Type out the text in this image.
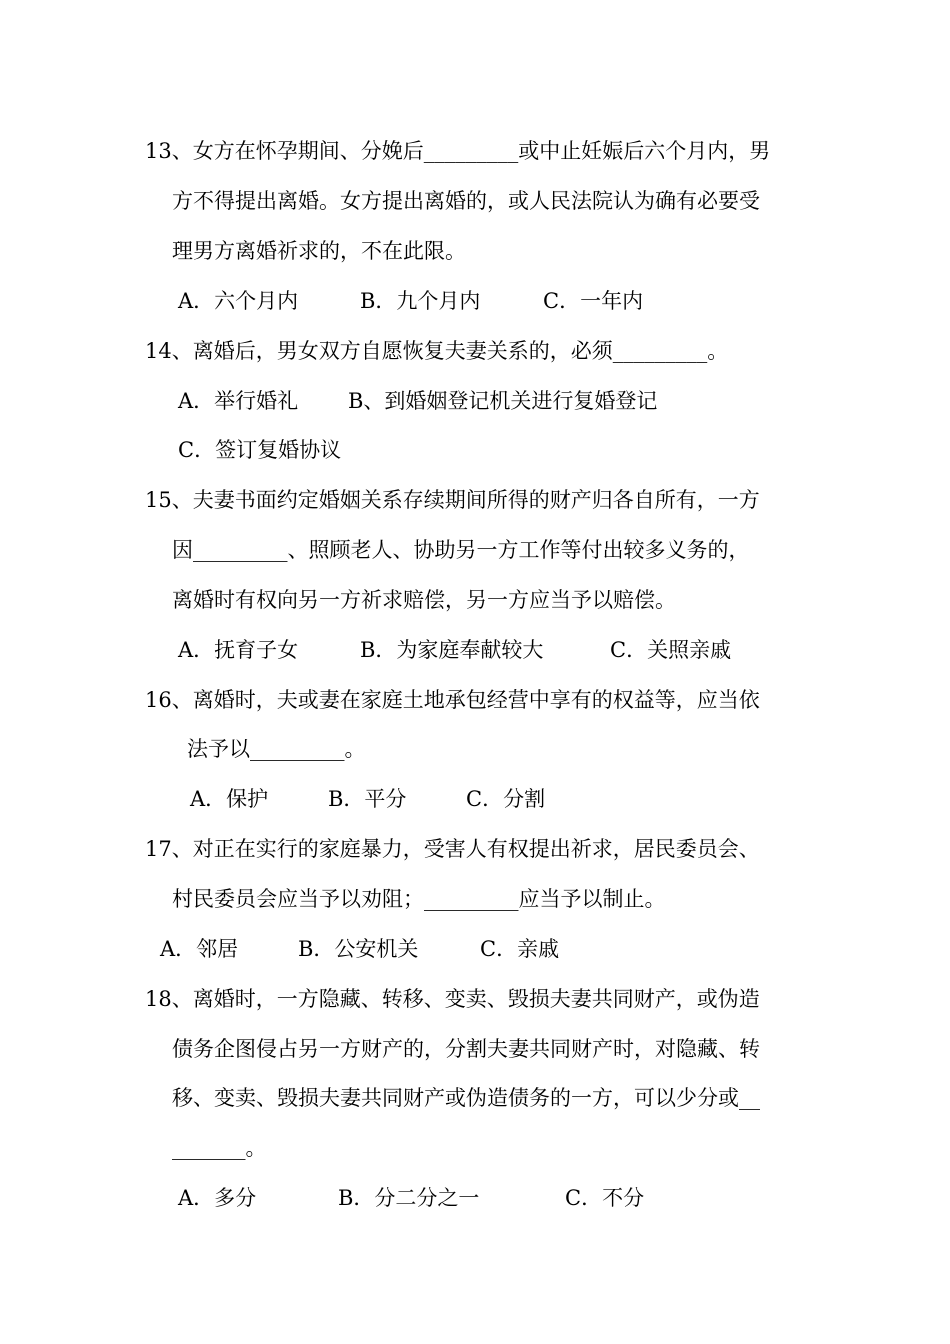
13、女方在怀孕期间、分娩后_________或中止妊娠后六个月内，男
方不得提出离婚。女方提出离婚的，或人民法院认为确有必要受
理男方离婚祈求的，不在此限。
A．六个月内	B．九个月内	C．一年内
14、离婚后，男女双方自愿恢复夫妻关系的，必须_________。
A．举行婚礼 B、到婚姻登记机关进行复婚登记
C．签订复婚协议
15、夫妻书面约定婚姻关系存续期间所得的财产归各自所有，一方
因_________、照顾老人、协助另一方工作等付出较多义务的，
离婚时有权向另一方祈求赔偿，另一方应当予以赔偿。
A．抚育子女	B．为家庭奉献较大	C．关照亲戚
16、离婚时，夫或妻在家庭土地承包经营中享有的权益等，应当依
法予以_________。
A．保护	B．平分	C．分割
17、对正在实行的家庭暴力，受害人有权提出祈求，居民委员会、
村民委员会应当予以劝阻；_________应当予以制止。
A．邻居	B．公安机关	C．亲戚
18、离婚时，一方隐藏、转移、变卖、毁损夫妻共同财产，或伪造
债务企图侵占另一方财产的，分割夫妻共同财产时，对隐藏、转
移、变卖、毁损夫妻共同财产或伪造债务的一方，可以少分或__
_______。
A．多分	B．分二分之一	C．不分
